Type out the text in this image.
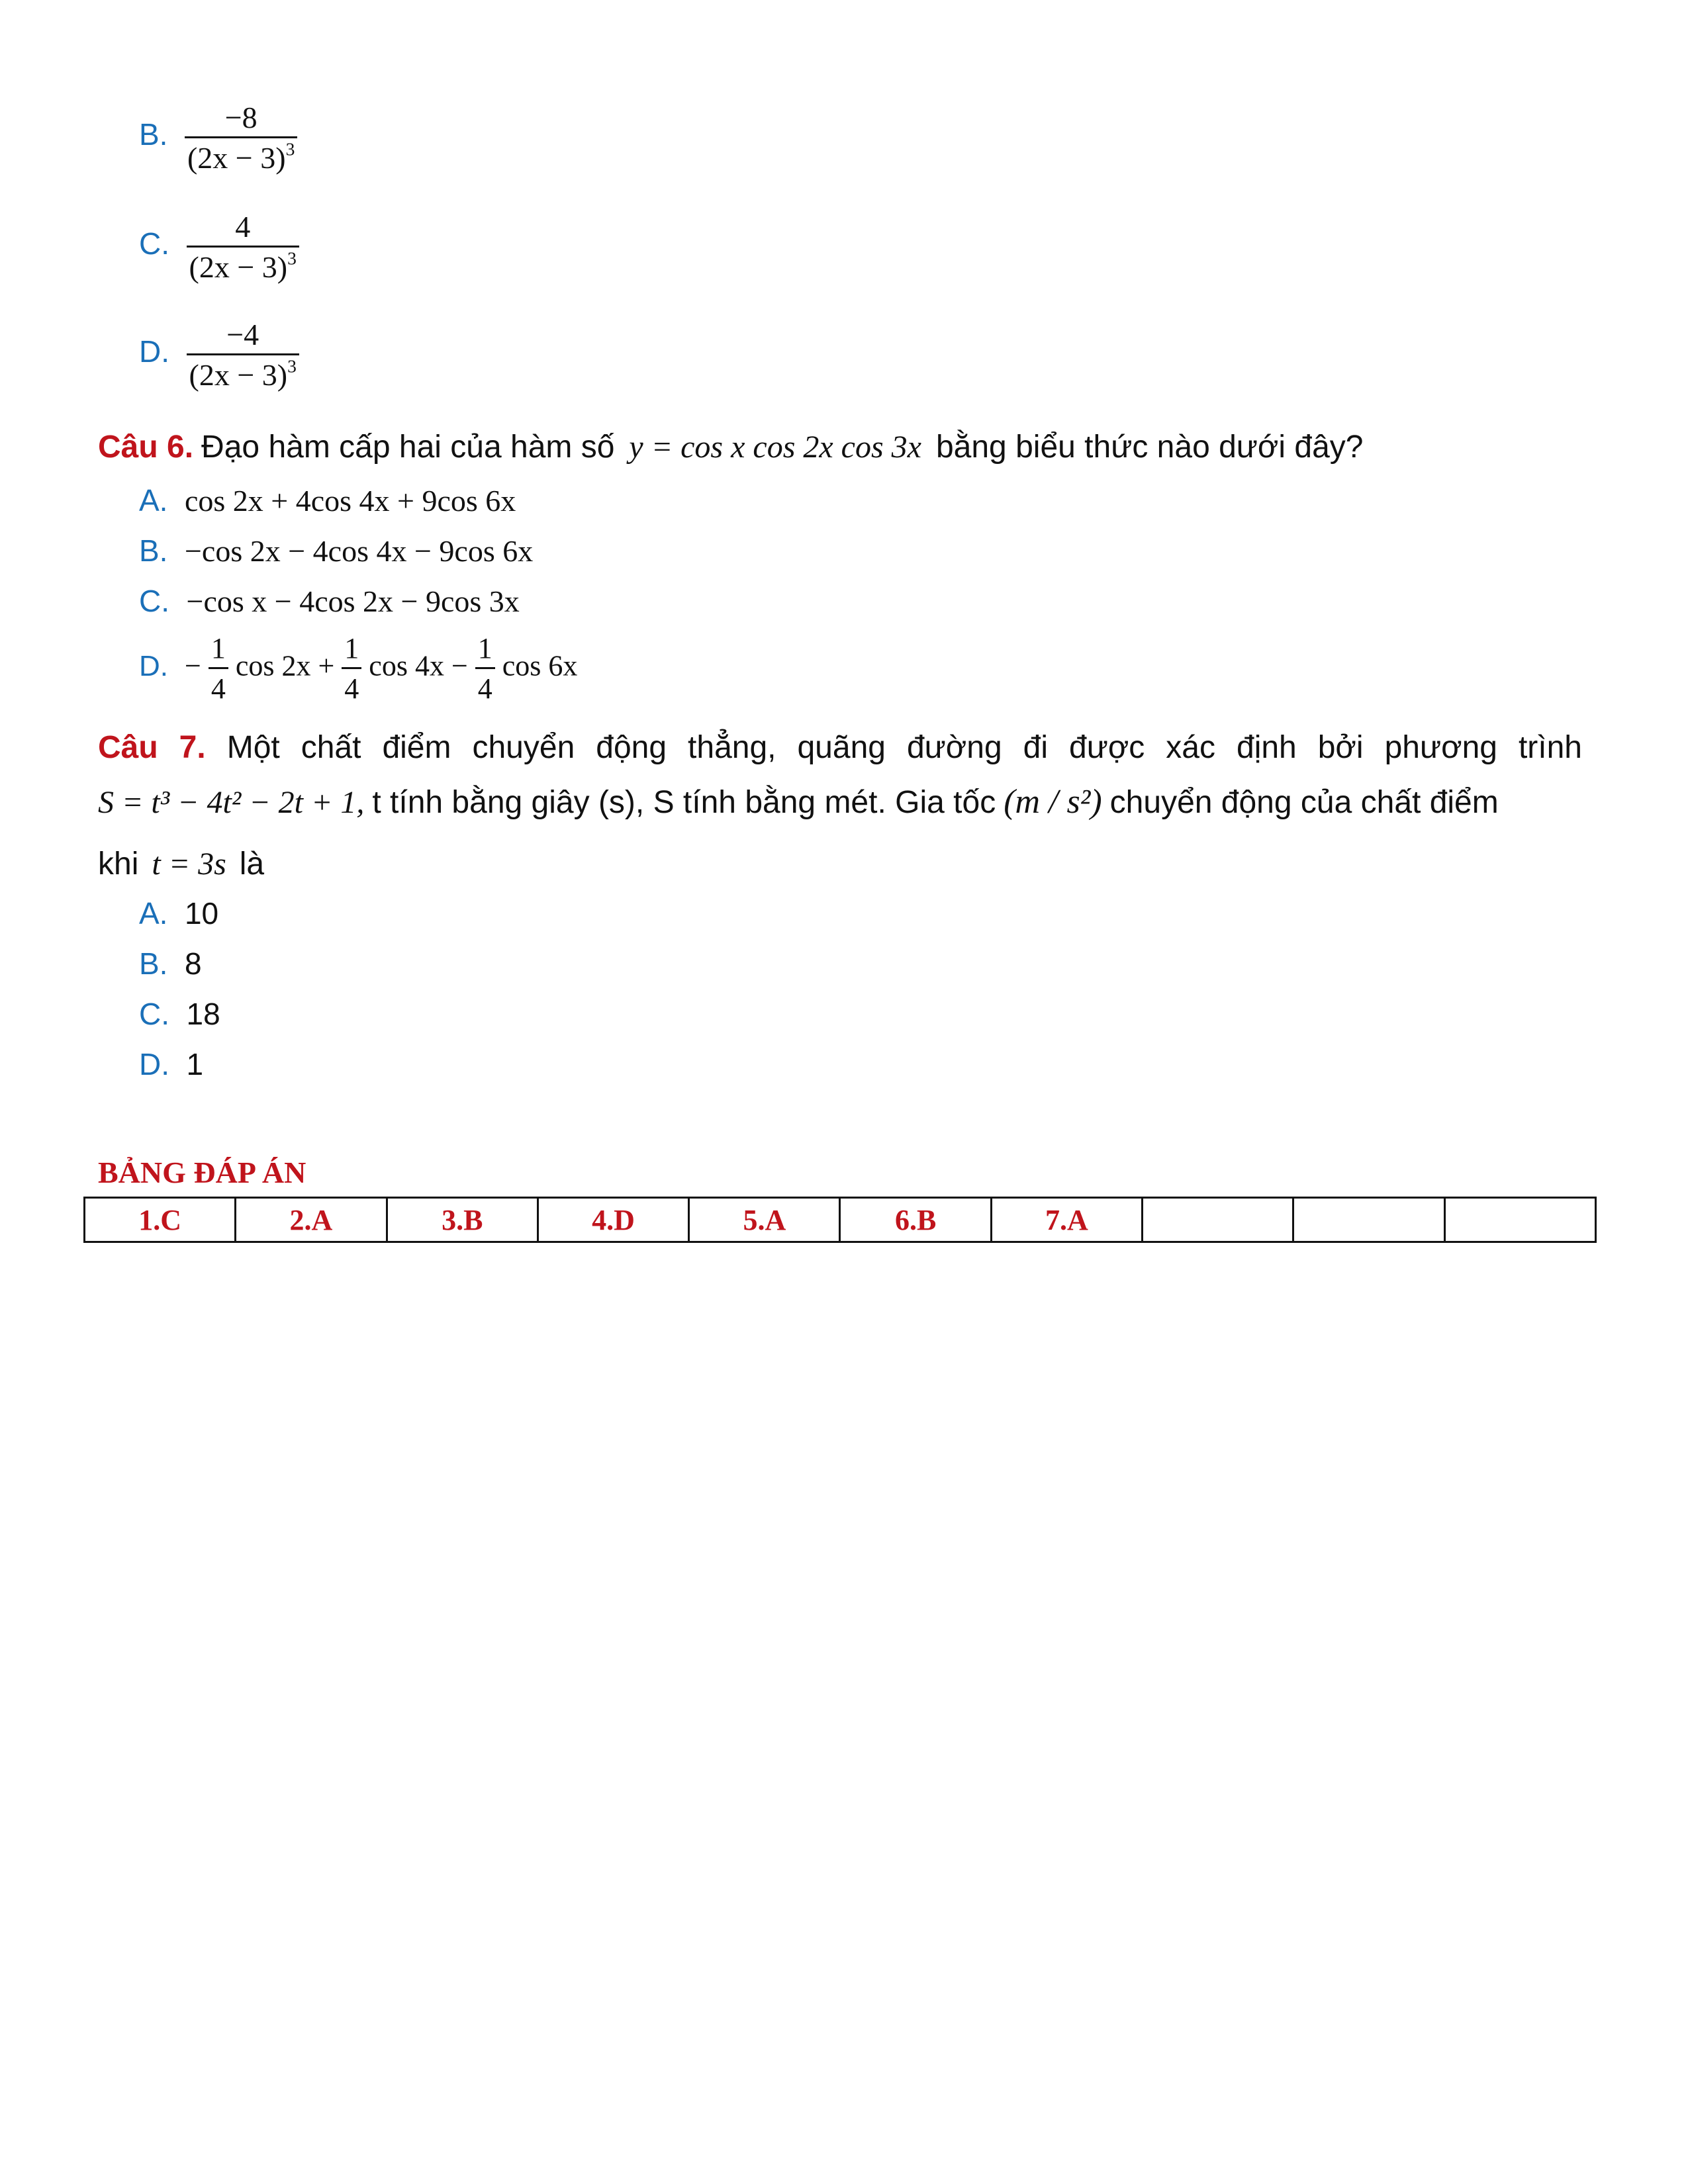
B. $\frac{-8}{(2x - 3)^3}$
C. $\frac{4}{(2x - 3)^3}$
D. $\frac{-4}{(2x - 3)^3}$
Câu 6. Đạo hàm cấp hai của hàm số y = cos x cos 2x cos 3x bằng biểu thức nào dưới đây?
A. cos 2x + 4cos 4x + 9cos 6x
B. −cos 2x − 4cos 4x − 9cos 6x
C. −cos x − 4cos 2x − 9cos 3x
D. − $\frac{1}{4}$ $\cos 2x + \frac{1}{4}$ $\cos 4x - \frac{1}{4}$ cos 6x
Câu 7. Một chất điểm chuyển động thẳng, quãng đường đi được xác định bởi phương trình
S = t³ − 4t² − 2t + 1, t tính bằng giây (s), S tính bằng mét. Gia tốc (m / s²) chuyển động của chất điểm
khi t = 3s là
A. 10
B. 8
C. 18
D. 1
BẢNG ĐÁP ÁN
1.C	2.A	3.B	4.D	5.A	6.B	7.A			
